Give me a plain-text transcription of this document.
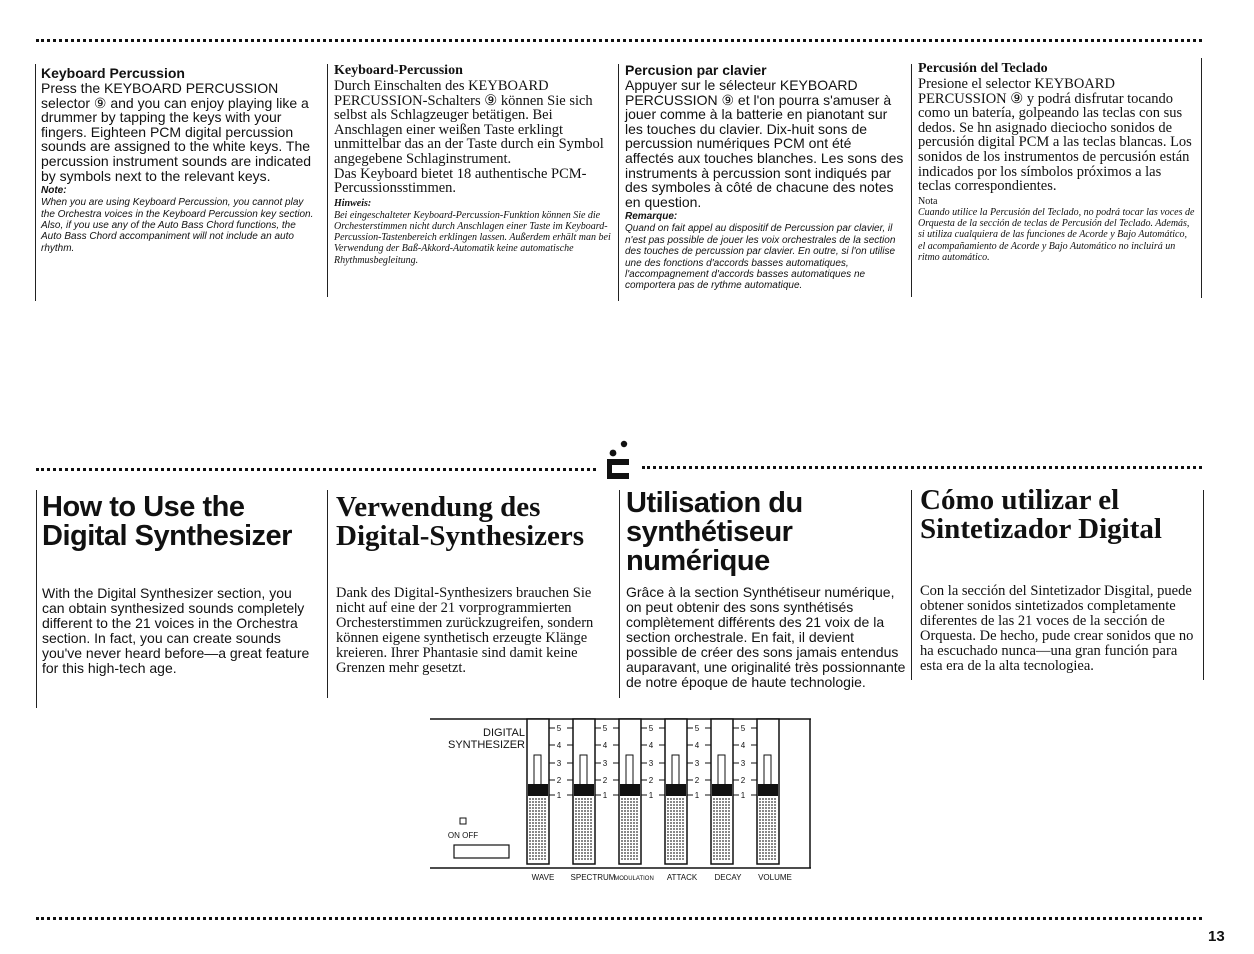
Keyboard Percussion
Press the KEYBOARD PERCUSSION selector ⑨ and you can enjoy playing like a drummer by tapping the keys with your fingers. Eighteen PCM digital percussion sounds are assigned to the white keys. The percussion instrument sounds are indicated by symbols next to the relevant keys.
Note:
When you are using Keyboard Percussion, you cannot play the Orchestra voices in the Keyboard Percussion key section. Also, if you use any of the Auto Bass Chord functions, the Auto Bass Chord accompaniment will not include an auto rhythm.
Keyboard-Percussion
Durch Einschalten des KEYBOARD PERCUSSION-Schalters ⑨ können Sie sich selbst als Schlagzeuger betätigen. Bei Anschlagen einer weißen Taste erklingt unmittelbar das an der Taste durch ein Symbol angegebene Schlaginstrument.
Das Keyboard bietet 18 authentische PCM-Percussionsstimmen.
Hinweis:
Bei eingeschalteter Keyboard-Percussion-Funktion können Sie die Orchesterstimmen nicht durch Anschlagen einer Taste im Keyboard-Percussion-Tastenbereich erklingen lassen. Außerdem erhält man bei Verwendung der Baß-Akkord-Automatik keine automatische Rhythmusbegleitung.
Percusion par clavier
Appuyer sur le sélecteur KEYBOARD PERCUSSION ⑨ et l'on pourra s'amuser à jouer comme à la batterie en pianotant sur les touches du clavier. Dix-huit sons de percussion numériques PCM ont été affectés aux touches blanches. Les sons des instruments à percussion sont indiqués par des symboles à côté de chacune des notes en question.
Remarque:
Quand on fait appel au dispositif de Percussion par clavier, il n'est pas possible de jouer les voix orchestrales de la section des touches de percussion par clavier. En outre, si l'on utilise une des fonctions d'accords basses automatiques, l'accompagnement d'accords basses automatiques ne comportera pas de rythme automatique.
Percusión del Teclado
Presione el selector KEYBOARD PERCUSSION ⑨ y podrá disfrutar tocando como un batería, golpeando las teclas con sus dedos. Se hn asignado dieciocho sonidos de percusión digital PCM a las teclas blancas. Los sonidos de los instrumentos de percusión están indicados por los símbolos próximos a las teclas correspondientes.
Nota
Cuando utilice la Percusión del Teclado, no podrá tocar las voces de Orquesta de la sección de teclas de Percusión del Teclado. Además, si utiliza cualquiera de las funciones de Acorde y Bajo Automático, el acompañamiento de Acorde y Bajo Automático no incluirá un ritmo automático.
How to Use the
Digital Synthesizer
With the Digital Synthesizer section, you can obtain synthesized sounds completely different to the 21 voices in the Orchestra section. In fact, you can create sounds you've never heard before—a great feature for this high-tech age.
Verwendung des
Digital-Synthesizers
Dank des Digital-Synthesizers brauchen Sie nicht auf eine der 21 vorprogrammierten Orchesterstimmen zurückzugreifen, sondern können eigene synthetisch erzeugte Klänge kreieren. Ihrer Phantasie sind damit keine Grenzen mehr gesetzt.
Utilisation du
synthétiseur
numérique
Grâce à la section Synthétiseur numérique, on peut obtenir des sons synthétisés complètement différents des 21 voix de la section orchestrale. En fait, il devient possible de créer des sons jamais entendus auparavant, une originalité très possionnante de notre époque de haute technologie.
Cómo utilizar el
Sintetizador Digital
Con la sección del Sintetizador Disgital, puede obtener sonidos sintetizados completamente diferentes de las 21 voces de la sección de Orquesta. De hecho, pude crear sonidos que no ha escuchado nunca—una gran función para esta era de la alta tecnologiea.
DIGITAL
SYNTHESIZER
ON OFF
5
4
3
2
1
5
4
3
2
1
5
4
3
2
1
5
4
3
2
1
5
4
3
2
1
WAVE SPECTRUM
MODULATION ATTACK DECAY VOLUME
13
